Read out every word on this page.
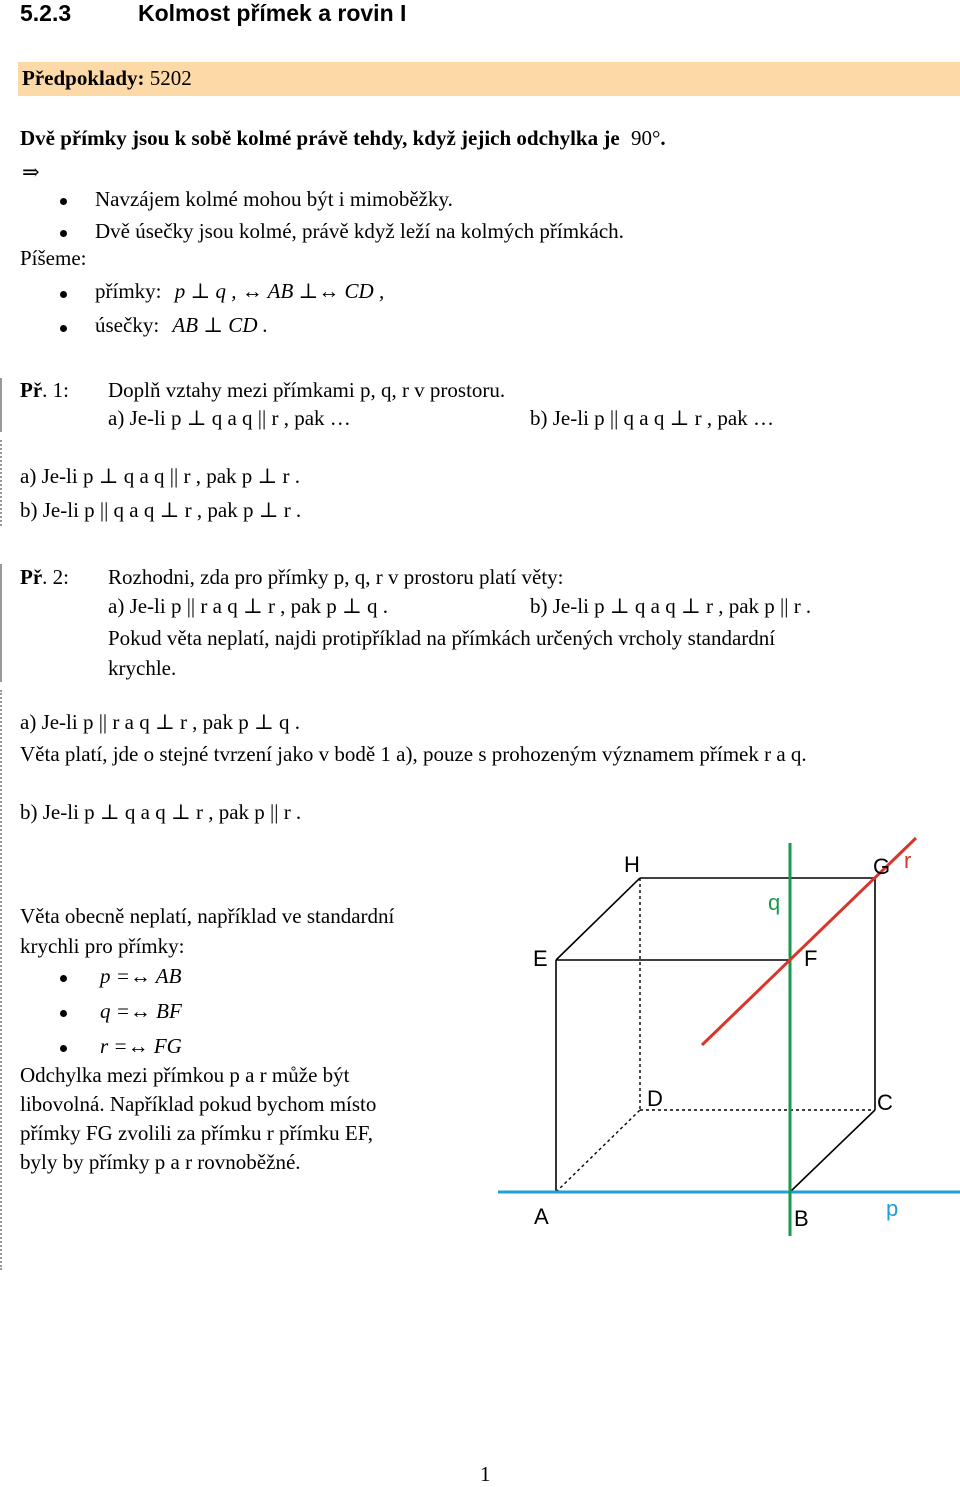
5.2.3	Kolmost přímek a rovin I
Předpoklady: 5202
Dvě přímky jsou k sobě kolmé právě tehdy, když jejich odchylka je 90°.
⇒
Navzájem kolmé mohou být i mimoběžky.
Dvě úsečky jsou kolmé, právě když leží na kolmých přímkách.
Píšeme:
přímky: p ⊥ q , ↔ AB ⊥↔ CD ,
úsečky: AB ⊥ CD .
Př. 1: Doplň vztahy mezi přímkami p, q, r v prostoru.
a) Je-li p ⊥ q a q || r , pak …	b) Je-li p || q a q ⊥ r , pak …
a) Je-li p ⊥ q a q || r , pak p ⊥ r .
b) Je-li p || q a q ⊥ r , pak p ⊥ r .
Př. 2: Rozhodni, zda pro přímky p, q, r v prostoru platí věty:
a) Je-li p || r a q ⊥ r , pak p ⊥ q .	b) Je-li p ⊥ q a q ⊥ r , pak p || r .
Pokud věta neplatí, najdi protipříklad na přímkách určených vrcholy standardní
krychle.
a) Je-li p || r a q ⊥ r , pak p ⊥ q .
Věta platí, jde o stejné tvrzení jako v bodě 1 a), pouze s prohozeným významem přímek r a q.
b) Je-li p ⊥ q a q ⊥ r , pak p || r .
Věta obecně neplatí, například ve standardní
krychli pro přímky:
p =↔ AB
q =↔ BF
r =↔ FG
Odchylka mezi přímkou p a r může být
libovolná. Například pokud bychom místo
přímky FG zvolili za přímku r přímku EF,
byly by přímky p a r rovnoběžné.
H	G
E	F
D	C
A	B	p
q
r
1
